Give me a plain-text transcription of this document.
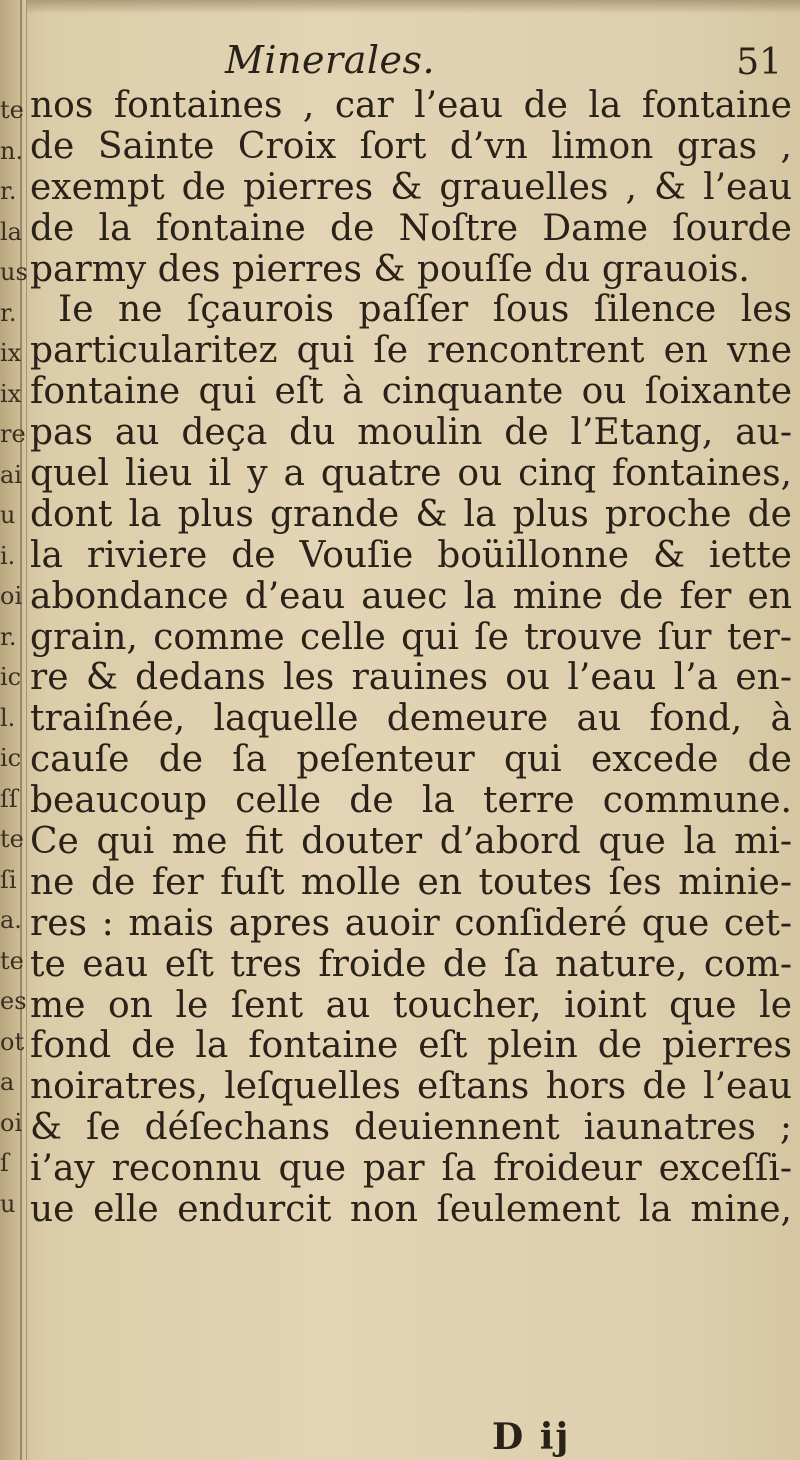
te
n.
r.
la
us
r.
ix
ix
re
ai
u
i.
oi
r.
ic
l.
ic
ſſ
te
ſi
a.
te
es
ot
a
oi
ſ
u
Minerales.	51
nos fontaines , car l’eau de la fontaine
de Sainte Croix ſort d’vn limon gras ,
exempt de pierres & grauelles , & l’eau
de la fontaine de Noſtre Dame ſourde
parmy des pierres & pouſſe du grauois.
Ie ne ſçaurois paſſer ſous ſilence les
particularitez qui ſe rencontrent en vne
fontaine qui eſt à cinquante ou ſoixante
pas au deça du moulin de l’Etang, au-
quel lieu il y a quatre ou cinq fontaines,
dont la plus grande & la plus proche de
la riviere de Vouſie boüillonne & iette
abondance d’eau auec la mine de fer en
grain, comme celle qui ſe trouve ſur ter-
re & dedans les rauines ou l’eau l’a en-
traiſnée, laquelle demeure au fond, à
cauſe de ſa peſenteur qui excede de
beaucoup celle de la terre commune.
Ce qui me fit douter d’abord que la mi-
ne de fer fuſt molle en toutes ſes minie-
res : mais apres auoir conſideré que cet-
te eau eſt tres froide de ſa nature, com-
me on le ſent au toucher, ioint que le
fond de la fontaine eſt plein de pierres
noiratres, leſquelles eſtans hors de l’eau
& ſe déſechans deuiennent iaunatres ;
i’ay reconnu que par ſa froideur exceſſi-
ue elle endurcit non ſeulement la mine,
D ij
